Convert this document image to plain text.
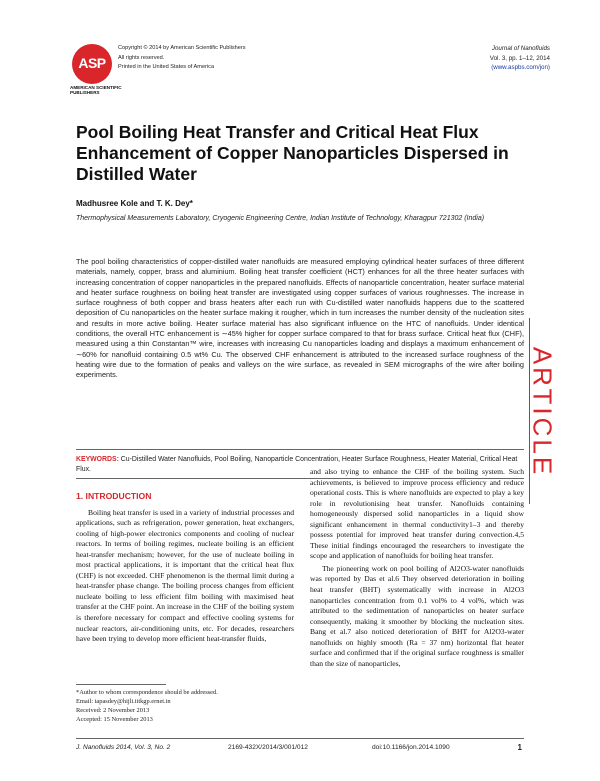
ASP
AMERICAN SCIENTIFIC PUBLISHERS
Copyright © 2014 by American Scientific Publishers
All rights reserved.
Printed in the United States of America
Journal of Nanofluids
Vol. 3, pp. 1–12, 2014
(www.aspbs.com/jon)
Pool Boiling Heat Transfer and Critical Heat Flux Enhancement of Copper Nanoparticles Dispersed in Distilled Water
Madhusree Kole and T. K. Dey*
Thermophysical Measurements Laboratory, Cryogenic Engineering Centre, Indian Institute of Technology, Kharagpur 721302 (India)
The pool boiling characteristics of copper-distilled water nanofluids are measured employing cylindrical heater surfaces of three different materials, namely, copper, brass and aluminium. Boiling heat transfer coefficient (HCT) enhances for all the three heater surfaces with increasing concentration of copper nanoparticles in the prepared nanofluids. Effects of nanoparticle concentration, heater surface material and heater surface roughness on boiling heat transfer are investigated using copper surfaces of various roughnesses. The increase in surface roughness of both copper and brass heaters after each run with Cu-distilled water nanofluids happens due to the scattered deposition of Cu nanoparticles on the heater surface making it rougher, which in turn increases the number density of the nucleation sites and results in more active boiling. Heater surface material has also significant influence on the HTC of nanofluids. Under identical conditions, the overall HTC enhancement is ∼45% higher for copper surface compared to that for brass surface. Critical heat flux (CHF), measured using a thin Constantan™ wire, increases with increasing Cu nanoparticles loading and displays a maximum enhancement of ∼60% for nanofluid containing 0.5 wt% Cu. The observed CHF enhancement is attributed to the increased surface roughness of the heating wire due to the formation of peaks and valleys on the wire surface, as revealed in SEM micrographs of the wire after boiling experiments.
KEYWORDS: Cu-Distilled Water Nanofluids, Pool Boiling, Nanoparticle Concentration, Heater Surface Roughness, Heater Material, Critical Heat Flux.	ARTICLE
1. INTRODUCTION

Boiling heat transfer is used in a variety of industrial processes and applications, such as refrigeration, power generation, heat exchangers, cooling of high-power electronics components and cooling of nuclear reactors. In terms of boiling regimes, nucleate boiling is an efficient heat-transfer mechanism; however, for the use of nucleate boiling in most practical applications, it is important that the critical heat flux (CHF) is not exceeded. CHF phenomenon is the thermal limit during a heat-transfer phase change. The boiling process changes from efficient nucleate boiling to less efficient film boiling with maximised heat transfer at the CHF point. An increase in the CHF of the boiling system is therefore necessary for compact and effective cooling systems for nuclear reactors, air-conditioning units, etc. For decades, researchers have been trying to develop more efficient heat-transfer fluids,

and also trying to enhance the CHF of the boiling system. Such achievements, is believed to improve process efficiency and reduce operational costs. This is where nanofluids are expected to play a key role in revolutionising heat transfer. Nanofluids containing homogeneously dispersed solid nanoparticles in a liquid show significant enhancement in thermal conductivity1–3 and thereby possess potential for improved heat transfer during convection.4,5 These initial findings encouraged the researchers to investigate the scope and application of nanofluids for boiling heat transfer.

The pioneering work on pool boiling of Al2O3-water nanofluids was reported by Das et al.6 They observed deterioration in boiling heat transfer (BHT) systematically with increase in Al2O3 nanoparticles concentration from 0.1 vol% to 4 vol%, which was attributed to the sedimentation of nanoparticles on heater surface consequently, making it smoother by blocking the nucleation sites. Bang et al.7 also noticed deterioration of BHT for Al2O3-water nanofluids on highly smooth (Ra = 37 nm) horizontal flat heater surface and confirmed that if the original surface roughness is smaller than the size of nanoparticles,

*Author to whom correspondence should be addressed.
Email: tapasdey@hijli.iitkgp.ernet.in
Received: 2 November 2013
Accepted: 15 November 2013
J. Nanofluids 2014, Vol. 3, No. 2	2169-432X/2014/3/001/012	doi:10.1166/jon.2014.1090	1
